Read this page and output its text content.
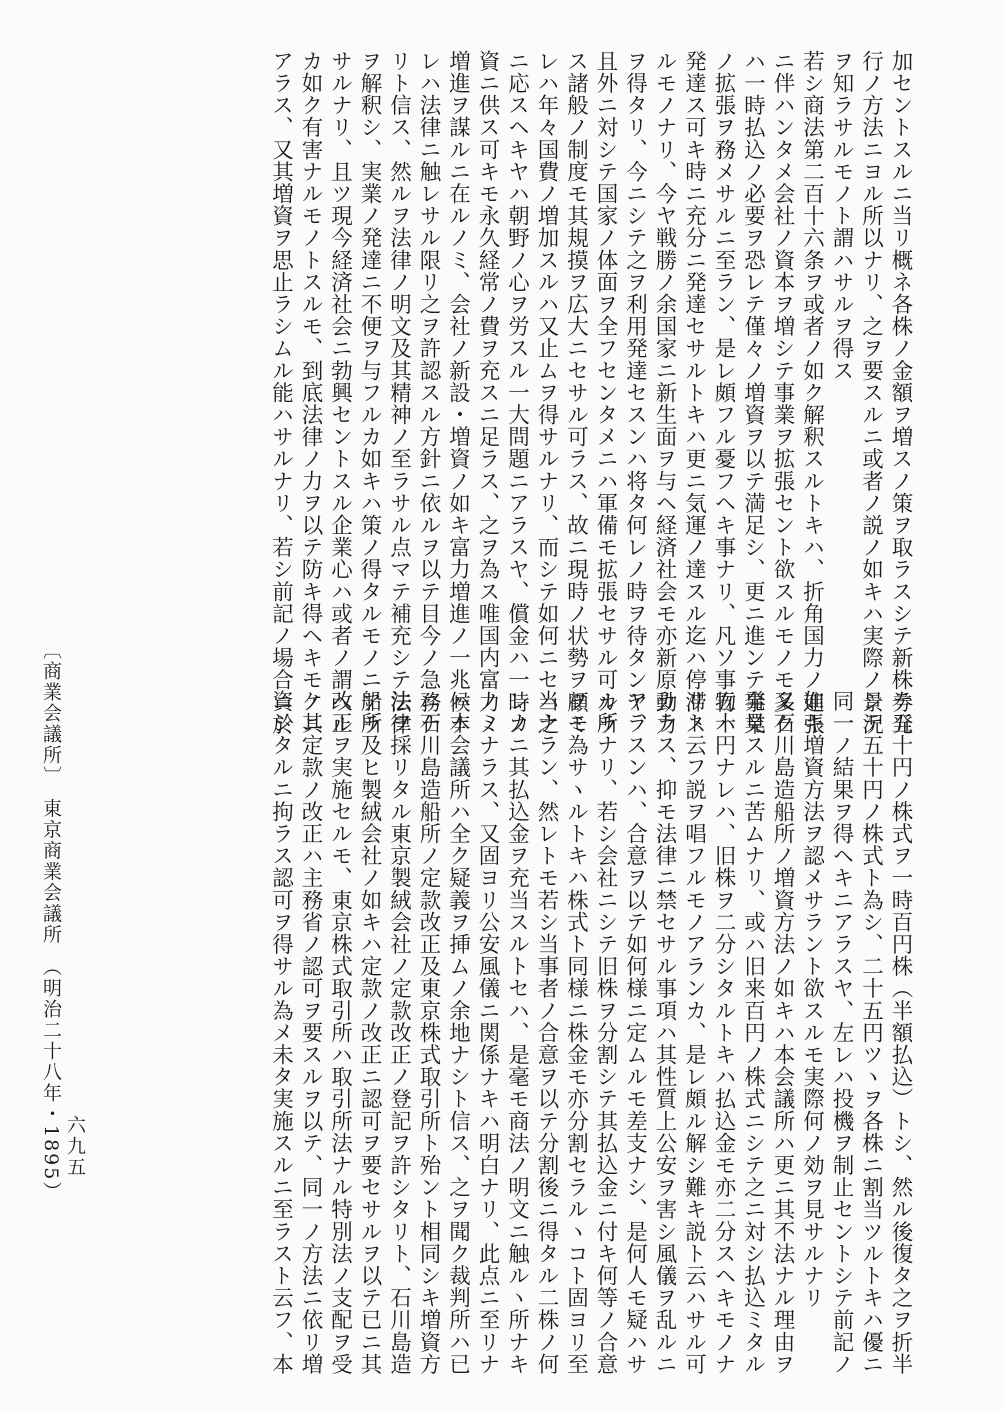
加セントスルニ当リ概ネ各株ノ金額ヲ増スノ策ヲ取ラスシテ新株券発

行ノ方法ニヨル所以ナリ、之ヲ要スルニ或者ノ説ノ如キハ実際ノ景況

ヲ知ラサルモノト謂ハサルヲ得ス

若シ商法第二百十六条ヲ或者ノ如ク解釈スルトキハ、折角国力ノ進張

ニ伴ハンタメ会社ノ資本ヲ増シテ事業ヲ拡張セント欲スルモノモ多ク

ハ一時払込ノ必要ヲ恐レテ僅々ノ増資ヲ以テ満足シ、更ニ進ンテ事業

ノ拡張ヲ務メサルニ至ラン、是レ頗フル憂フヘキ事ナリ、凡ソ事物ハ

発達ス可キ時ニ充分ニ発達セサルトキハ更ニ気運ノ達スル迄ハ停滞ス

ルモノナリ、今ヤ戦勝ノ余国家ニ新生面ヲ与ヘ経済社会モ亦新原動力

ヲ得タリ、今ニシテ之ヲ利用発達セスンハ将タ何レノ時ヲ待タンヤ、

且外ニ対シテ国家ノ体面ヲ全フセンタメニハ軍備モ拡張セサル可カラ

ス諸般ノ制度モ其規摸ヲ広大ニセサル可ラス、故ニ現時ノ状勢ヲ顧ミ

レハ年々国費ノ増加スルハ又止ムヲ得サルナリ、而シテ如何ニセハ之

ニ応スヘキヤハ朝野ノ心ヲ労スル一大問題ニアラスヤ、償金ハ一時ノ

資ニ供ス可キモ永久経常ノ費ヲ充スニ足ラス、之ヲ為ス唯国内富力ノ

増進ヲ謀ルニ在ルノミ、会社ノ新設・増資ノ如キ富力増進ノ一兆候ナ

レハ法律ニ触レサル限リ之ヲ許認スル方針ニ依ルヲ以テ目今ノ急務ナ

リト信ス、然ルヲ法律ノ明文及其精神ノ至ラサル点マテ補充シテ法律

ヲ解釈シ、実業ノ発達ニ不便ヲ与フルカ如キハ策ノ得タルモノニアラ

サルナリ、且ツ現今経済社会ニ勃興セントスル企業心ハ或者ノ謂ヘル

カ如ク有害ナルモノトスルモ、到底法律ノ力ヲ以テ防キ得ヘキモノニ

アラス、又其増資ヲ思止ラシムル能ハサルナリ、若シ前記ノ場合ニ於

テ五十円ノ株式ヲ一時百円株（半額払込）トシ、然ル後復タ之ヲ折半

シテ五十円ノ株式ト為シ、二十五円ツヽヲ各株ニ割当ツルトキハ優ニ

同一ノ結果ヲ得ヘキニアラスヤ、左レハ投機ヲ制止セントシテ前記ノ

如キ増資方法ヲ認メサラント欲スルモ実際何ノ効ヲ見サルナリ

又石川島造船所ノ増資方法ノ如キハ本会議所ハ更ニ其不法ナル理由ヲ

発見スルニ苦ムナリ、或ハ旧来百円ノ株式ニシテ之ニ対シ払込ミタル

五十円ナレハ、旧株ヲ二分シタルトキハ払込金モ亦二分スヘキモノナ

リト云フ説ヲ唱フルモノアランカ、是レ頗ル解シ難キ説ト云ハサル可

カラス、抑モ法律ニ禁セサル事項ハ其性質上公安ヲ害シ風儀ヲ乱ルニ

アラスンハ、合意ヲ以テ如何様ニ定ムルモ差支ナシ、是何人モ疑ハサ

ル所ナリ、若シ会社ニシテ旧株ヲ分割シテ其払込金ニ付キ何等ノ合意

ヲモ為サヽルトキハ株式ト同様ニ株金モ亦分割セラルヽコト固ヨリ至

当ナラン、然レトモ若シ当事者ノ合意ヲ以テ分割後ニ得タル二株ノ何

レカニ其払込金ヲ充当スルトセハ、是毫モ商法ノ明文ニ触ルヽ所ナキ

ノミナラス、又固ヨリ公安風儀ニ関係ナキハ明白ナリ、此点ニ至リナ

ハ本会議所ハ全ク疑義ヲ挿ムノ余地ナシト信ス、之ヲ聞ク裁判所ハ已

ニ石川島造船所ノ定款改正及東京株式取引所ト殆ント相同シキ増資方

法ヲ採リタル東京製絨会社ノ定款改正ノ登記ヲ許シタリト、石川島造

船所及ヒ製絨会社ノ如キハ定款ノ改正ニ認可ヲ要セサルヲ以テ已ニ其

改正ヲ実施セルモ、東京株式取引所ハ取引所法ナル特別法ノ支配ヲ受

ケ其定款ノ改正ハ主務省ノ認可ヲ要スルヲ以テ、同一ノ方法ニ依リ増

資シタルニ拘ラス認可ヲ得サル為メ未タ実施スルニ至ラスト云フ、本

〔商業会議所〕　東京商業会議所　（明治二十八年・1895） 六九五
